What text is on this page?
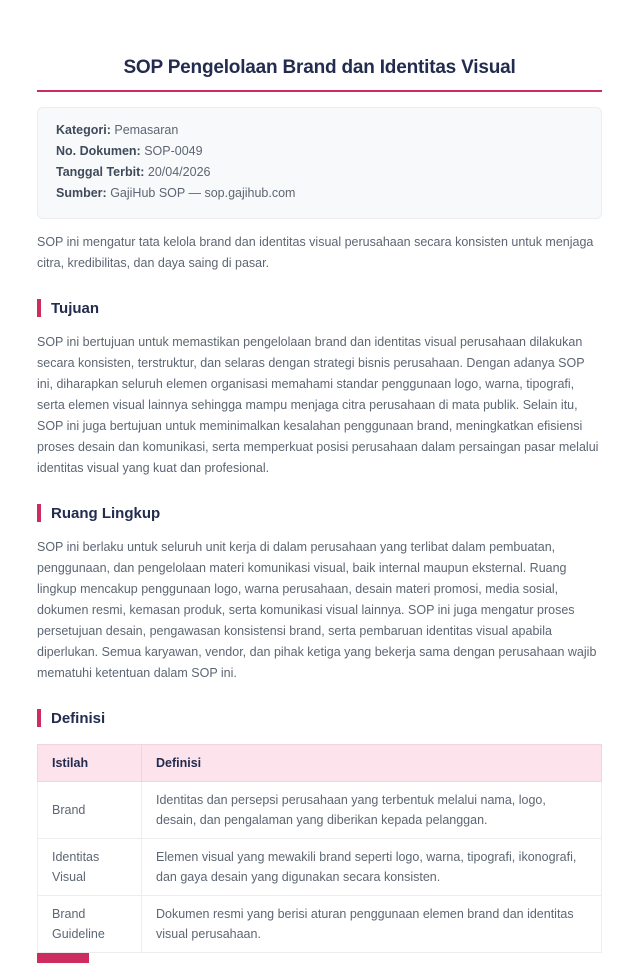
SOP Pengelolaan Brand dan Identitas Visual
Kategori: Pemasaran
No. Dokumen: SOP-0049
Tanggal Terbit: 20/04/2026
Sumber: GajiHub SOP — sop.gajihub.com

SOP ini mengatur tata kelola brand dan identitas visual perusahaan secara konsisten untuk menjaga citra, kredibilitas, dan daya saing di pasar.

Tujuan

SOP ini bertujuan untuk memastikan pengelolaan brand dan identitas visual perusahaan dilakukan secara konsisten, terstruktur, dan selaras dengan strategi bisnis perusahaan. Dengan adanya SOP ini, diharapkan seluruh elemen organisasi memahami standar penggunaan logo, warna, tipografi, serta elemen visual lainnya sehingga mampu menjaga citra perusahaan di mata publik. Selain itu, SOP ini juga bertujuan untuk meminimalkan kesalahan penggunaan brand, meningkatkan efisiensi proses desain dan komunikasi, serta memperkuat posisi perusahaan dalam persaingan pasar melalui identitas visual yang kuat dan profesional.

Ruang Lingkup

SOP ini berlaku untuk seluruh unit kerja di dalam perusahaan yang terlibat dalam pembuatan, penggunaan, dan pengelolaan materi komunikasi visual, baik internal maupun eksternal. Ruang lingkup mencakup penggunaan logo, warna perusahaan, desain materi promosi, media sosial, dokumen resmi, kemasan produk, serta komunikasi visual lainnya. SOP ini juga mengatur proses persetujuan desain, pengawasan konsistensi brand, serta pembaruan identitas visual apabila diperlukan. Semua karyawan, vendor, dan pihak ketiga yang bekerja sama dengan perusahaan wajib mematuhi ketentuan dalam SOP ini.

Definisi
Istilah	Definisi
Brand	Identitas dan persepsi perusahaan yang terbentuk melalui nama, logo, desain, dan pengalaman yang diberikan kepada pelanggan.
Identitas Visual	Elemen visual yang mewakili brand seperti logo, warna, tipografi, ikonografi, dan gaya desain yang digunakan secara konsisten.
Brand Guideline	Dokumen resmi yang berisi aturan penggunaan elemen brand dan identitas visual perusahaan.
